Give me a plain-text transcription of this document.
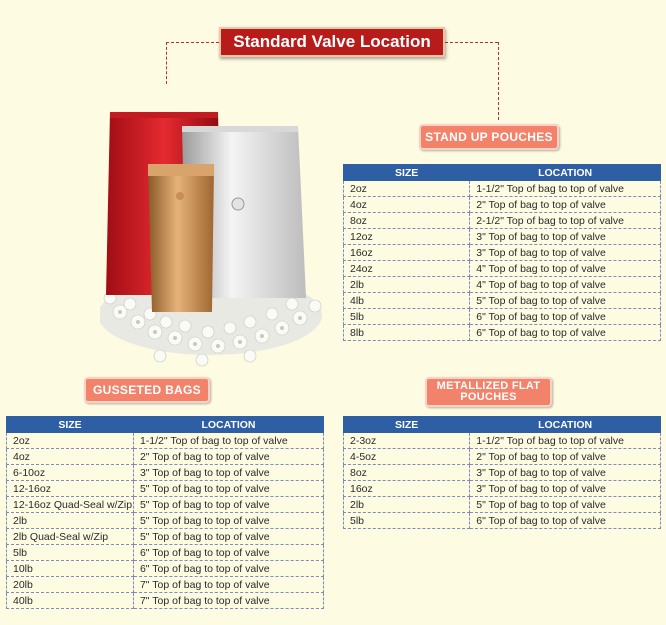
Standard Valve Location
STAND UP POUCHES
SIZE	LOCATION
2oz	1-1/2" Top of bag to top of valve
4oz	2" Top of bag to top of valve
8oz	2-1/2" Top of bag to top of valve
12oz	3" Top of bag to top of valve
16oz	3" Top of bag to top of valve
24oz	4" Top of bag to top of valve
2lb	4" Top of bag to top of valve
4lb	5" Top of bag to top of valve
5lb	6" Top of bag to top of valve
8lb	6" Top of bag to top of valve
GUSSETED BAGS
SIZE	LOCATION
2oz	1-1/2" Top of bag to top of valve
4oz	2" Top of bag to top of valve
6-10oz	3" Top of bag to top of valve
12-16oz	5" Top of bag to top of valve
12-16oz Quad-Seal w/Zip	5" Top of bag to top of valve
2lb	5" Top of bag to top of valve
2lb Quad-Seal w/Zip	5" Top of bag to top of valve
5lb	6" Top of bag to top of valve
10lb	6" Top of bag to top of valve
20lb	7" Top of bag to top of valve
40lb	7" Top of bag to top of valve
METALLIZED FLAT
POUCHES
SIZE	LOCATION
2-3oz	1-1/2" Top of bag to top of valve
4-5oz	2" Top of bag to top of valve
8oz	3" Top of bag to top of valve
16oz	3" Top of bag to top of valve
2lb	5" Top of bag to top of valve
5lb	6" Top of bag to top of valve
